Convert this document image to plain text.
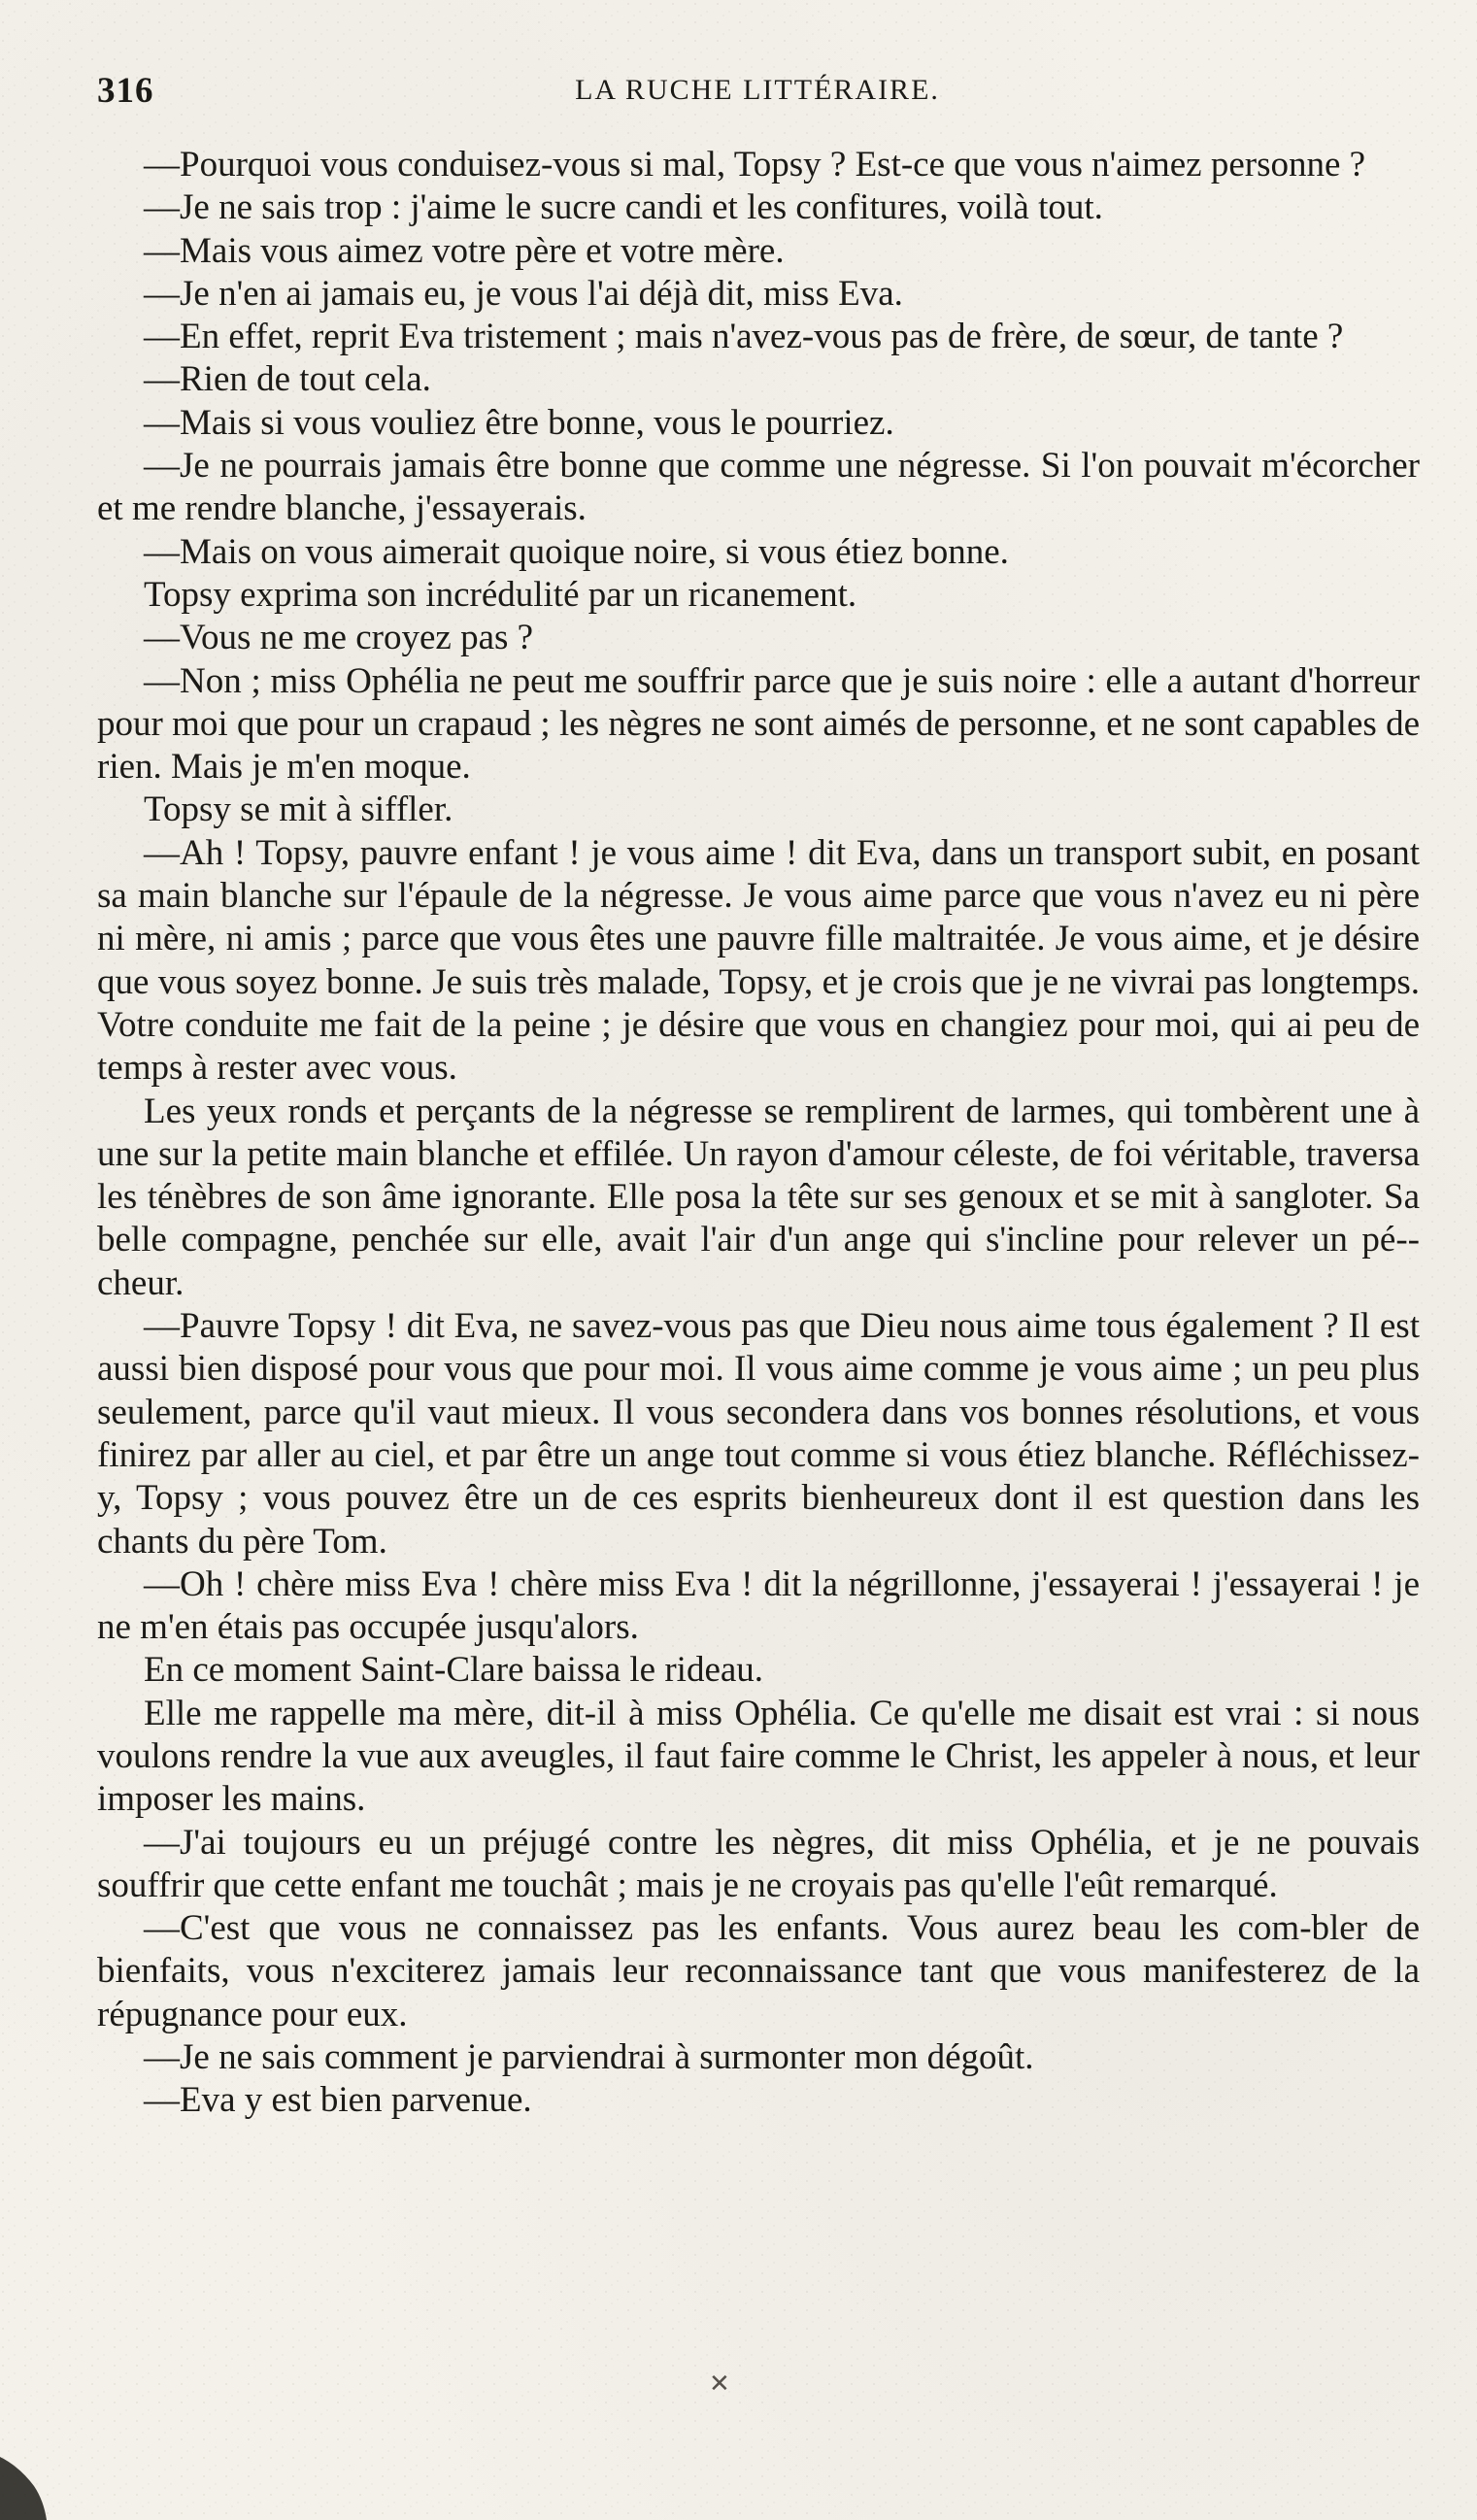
316	LA RUCHE LITTÉRAIRE.

—Pourquoi vous conduisez-vous si mal, Topsy ? Est-ce que vous n'aimez personne ?

—Je ne sais trop : j'aime le sucre candi et les confitures, voilà tout.

—Mais vous aimez votre père et votre mère.

—Je n'en ai jamais eu, je vous l'ai déjà dit, miss Eva.

—En effet, reprit Eva tristement ; mais n'avez-vous pas de frère, de sœur, de tante ?

—Rien de tout cela.

—Mais si vous vouliez être bonne, vous le pourriez.

—Je ne pourrais jamais être bonne que comme une négresse. Si l'on pouvait m'écorcher et me rendre blanche, j'essayerais.

—Mais on vous aimerait quoique noire, si vous étiez bonne.

Topsy exprima son incrédulité par un ricanement.

—Vous ne me croyez pas ?

—Non ; miss Ophélia ne peut me souffrir parce que je suis noire : elle a autant d'horreur pour moi que pour un crapaud ; les nègres ne sont aimés de personne, et ne sont capables de rien. Mais je m'en moque.

Topsy se mit à siffler.

—Ah ! Topsy, pauvre enfant ! je vous aime ! dit Eva, dans un transport subit, en posant sa main blanche sur l'épaule de la négresse. Je vous aime parce que vous n'avez eu ni père ni mère, ni amis ; parce que vous êtes une pauvre fille maltraitée. Je vous aime, et je désire que vous soyez bonne. Je suis très malade, Topsy, et je crois que je ne vivrai pas longtemps. Votre conduite me fait de la peine ; je désire que vous en changiez pour moi, qui ai peu de temps à rester avec vous.

Les yeux ronds et perçants de la négresse se remplirent de larmes, qui tombèrent une à une sur la petite main blanche et effilée. Un rayon d'amour céleste, de foi véritable, traversa les ténèbres de son âme ignorante. Elle posa la tête sur ses genoux et se mit à sangloter. Sa belle compagne, penchée sur elle, avait l'air d'un ange qui s'incline pour relever un pé-cheur.

—Pauvre Topsy ! dit Eva, ne savez-vous pas que Dieu nous aime tous également ? Il est aussi bien disposé pour vous que pour moi. Il vous aime comme je vous aime ; un peu plus seulement, parce qu'il vaut mieux. Il vous secondera dans vos bonnes résolutions, et vous finirez par aller au ciel, et par être un ange tout comme si vous étiez blanche. Réfléchissez-y, Topsy ; vous pouvez être un de ces esprits bienheureux dont il est question dans les chants du père Tom.

—Oh ! chère miss Eva ! chère miss Eva ! dit la négrillonne, j'essayerai ! j'essayerai ! je ne m'en étais pas occupée jusqu'alors.

En ce moment Saint-Clare baissa le rideau.

Elle me rappelle ma mère, dit-il à miss Ophélia. Ce qu'elle me disait est vrai : si nous voulons rendre la vue aux aveugles, il faut faire comme le Christ, les appeler à nous, et leur imposer les mains.

—J'ai toujours eu un préjugé contre les nègres, dit miss Ophélia, et je ne pouvais souffrir que cette enfant me touchât ; mais je ne croyais pas qu'elle l'eût remarqué.

—C'est que vous ne connaissez pas les enfants. Vous aurez beau les com-bler de bienfaits, vous n'exciterez jamais leur reconnaissance tant que vous manifesterez de la répugnance pour eux.

—Je ne sais comment je parviendrai à surmonter mon dégoût.

—Eva y est bien parvenue.

✕
